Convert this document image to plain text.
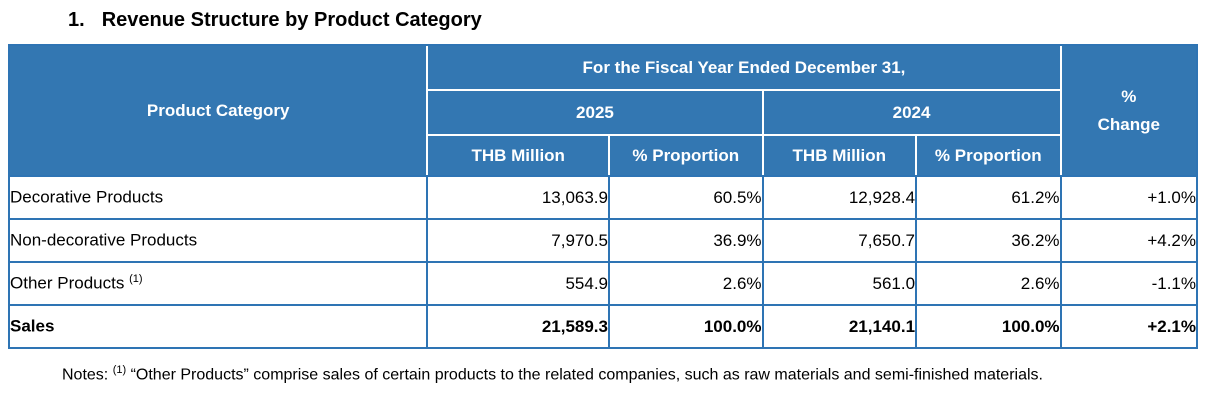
1. Revenue Structure by Product Category
Product Category	For the Fiscal Year Ended December 31,				%
Change
	2025		2024		
	THB Million	% Proportion	THB Million	% Proportion	
Decorative Products	13,063.9	60.5%	12,928.4	61.2%	+1.0%
Non-decorative Products	7,970.5	36.9%	7,650.7	36.2%	+4.2%
Other Products $^{(1)}$	554.9	2.6%	561.0	2.6%	-1.1%
Sales	21,589.3	100.0%	21,140.1	100.0%	+2.1%
Notes: $^{(1)}$ “Other Products” comprise sales of certain products to the related companies, such as raw materials and semi-finished materials.
